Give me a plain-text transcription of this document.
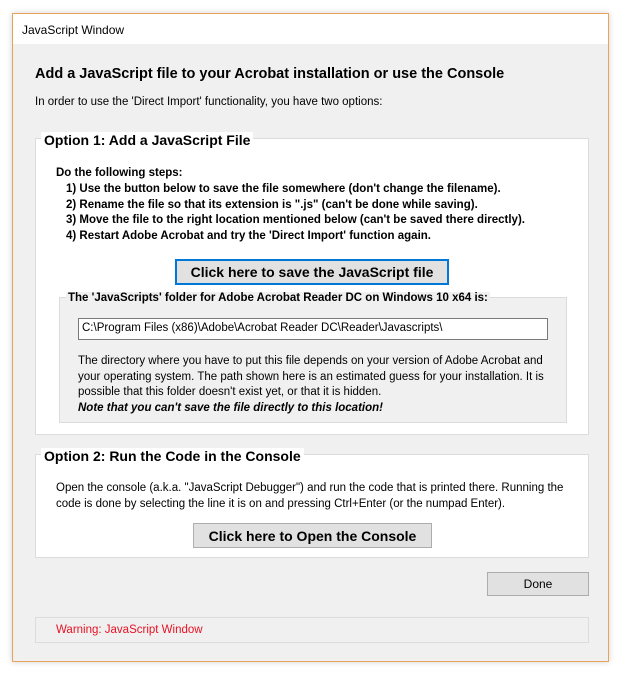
JavaScript Window
Add a JavaScript file to your Acrobat installation or use the Console
In order to use the 'Direct Import' functionality, you have two options:
Option 1: Add a JavaScript File
Do the following steps:
1) Use the button below to save the file somewhere (don't change the filename).
2) Rename the file so that its extension is ".js" (can't be done while saving).
3) Move the file to the right location mentioned below (can't be saved there directly).
4) Restart Adobe Acrobat and try the 'Direct Import' function again.
Click here to save the JavaScript file
The 'JavaScripts' folder for Adobe Acrobat Reader DC on Windows 10 x64 is:
C:\Program Files (x86)\Adobe\Acrobat Reader DC\Reader\Javascripts\
The directory where you have to put this file depends on your version of Adobe Acrobat and your operating system. The path shown here is an estimated guess for your installation. It is possible that this folder doesn't exist yet, or that it is hidden.
Note that you can't save the file directly to this location!
Option 2: Run the Code in the Console
Open the console (a.k.a. "JavaScript Debugger") and run the code that is printed there. Running the code is done by selecting the line it is on and pressing Ctrl+Enter (or the numpad Enter).
Click here to Open the Console
Done
Warning: JavaScript Window
